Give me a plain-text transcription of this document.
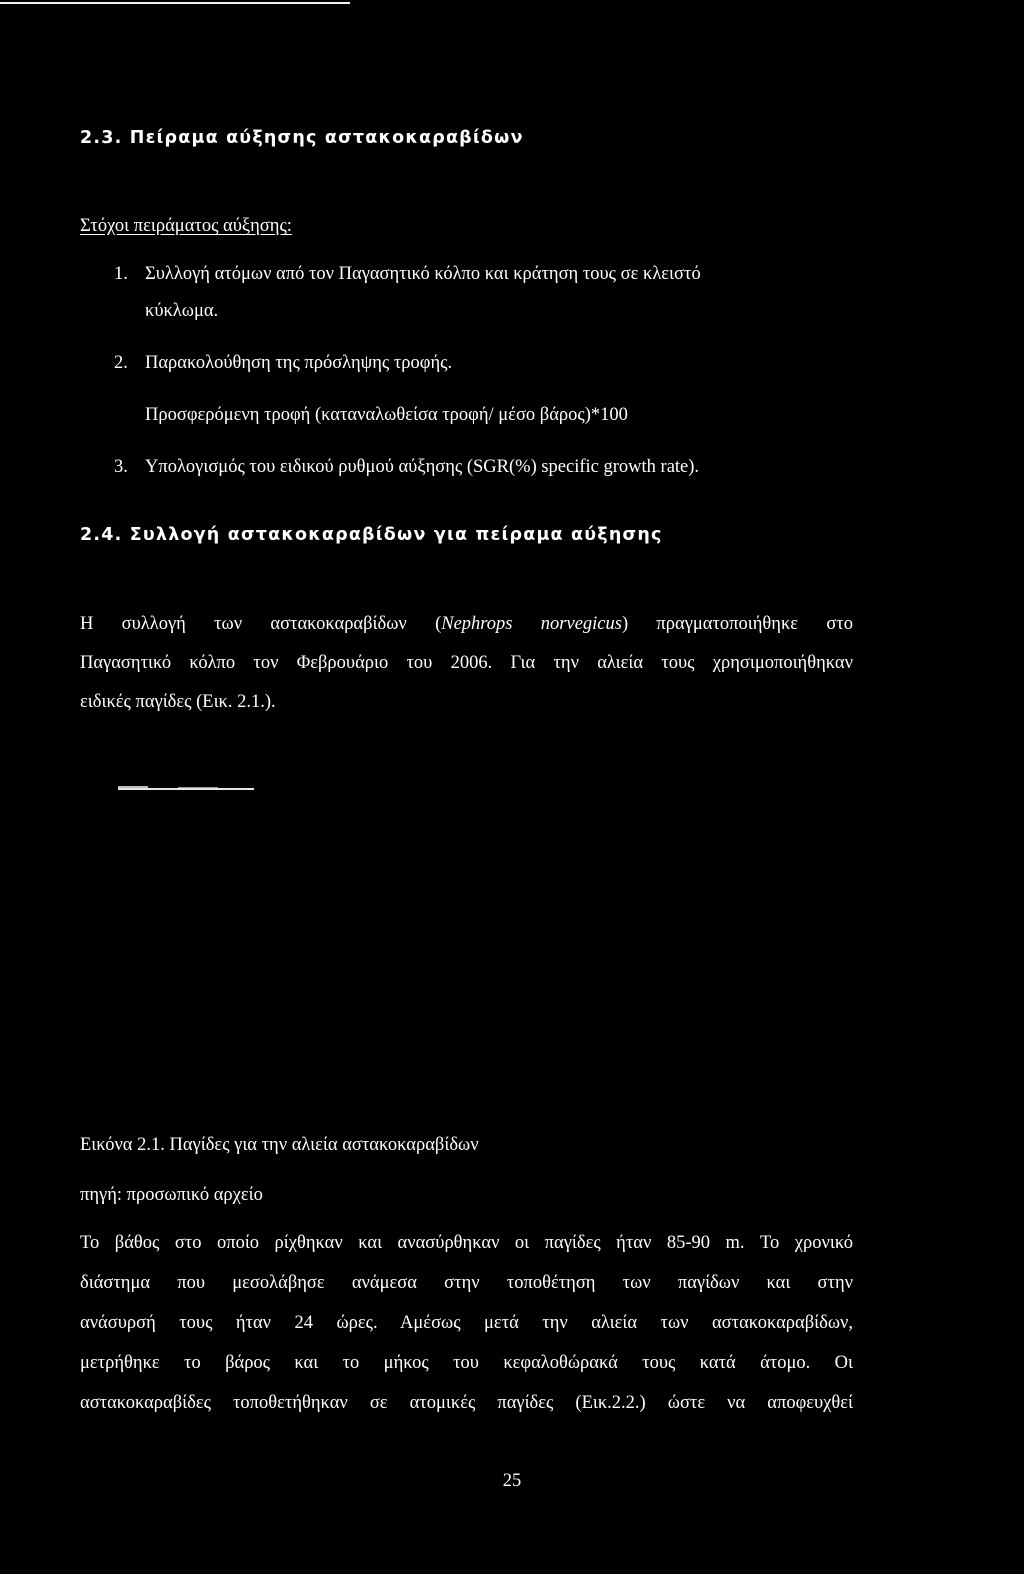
2.3. Πείραμα αύξησης αστακοκαραβίδων
Στόχοι πειράματος αύξησης:
1. Συλλογή ατόμων από τον Παγασητικό κόλπο και κράτηση τους σε κλειστό
κύκλωμα.
2. Παρακολούθηση της πρόσληψης τροφής.
Προσφερόμενη τροφή (καταναλωθείσα τροφή/ μέσο βάρος)*100
3. Υπολογισμός του ειδικού ρυθμού αύξησης (SGR(%) specific growth rate).
2.4. Συλλογή αστακοκαραβίδων για πείραμα αύξησης
Η συλλογή των αστακοκαραβίδων (Nephrops norvegicus) πραγματοποιήθηκε στο
Παγασητικό κόλπο τον Φεβρουάριο του 2006. Για την αλιεία τους χρησιμοποιήθηκαν
ειδικές παγίδες (Εικ. 2.1.).
Εικόνα 2.1. Παγίδες για την αλιεία αστακοκαραβίδων
πηγή: προσωπικό αρχείο
Το βάθος στο οποίο ρίχθηκαν και ανασύρθηκαν οι παγίδες ήταν 85-90 m. Το χρονικό
διάστημα που μεσολάβησε ανάμεσα στην τοποθέτηση των παγίδων και στην
ανάσυρσή τους ήταν 24 ώρες. Αμέσως μετά την αλιεία των αστακοκαραβίδων,
μετρήθηκε το βάρος και το μήκος του κεφαλοθώρακά τους κατά άτομο. Οι
αστακοκαραβίδες τοποθετήθηκαν σε ατομικές παγίδες (Εικ.2.2.) ώστε να αποφευχθεί
25
